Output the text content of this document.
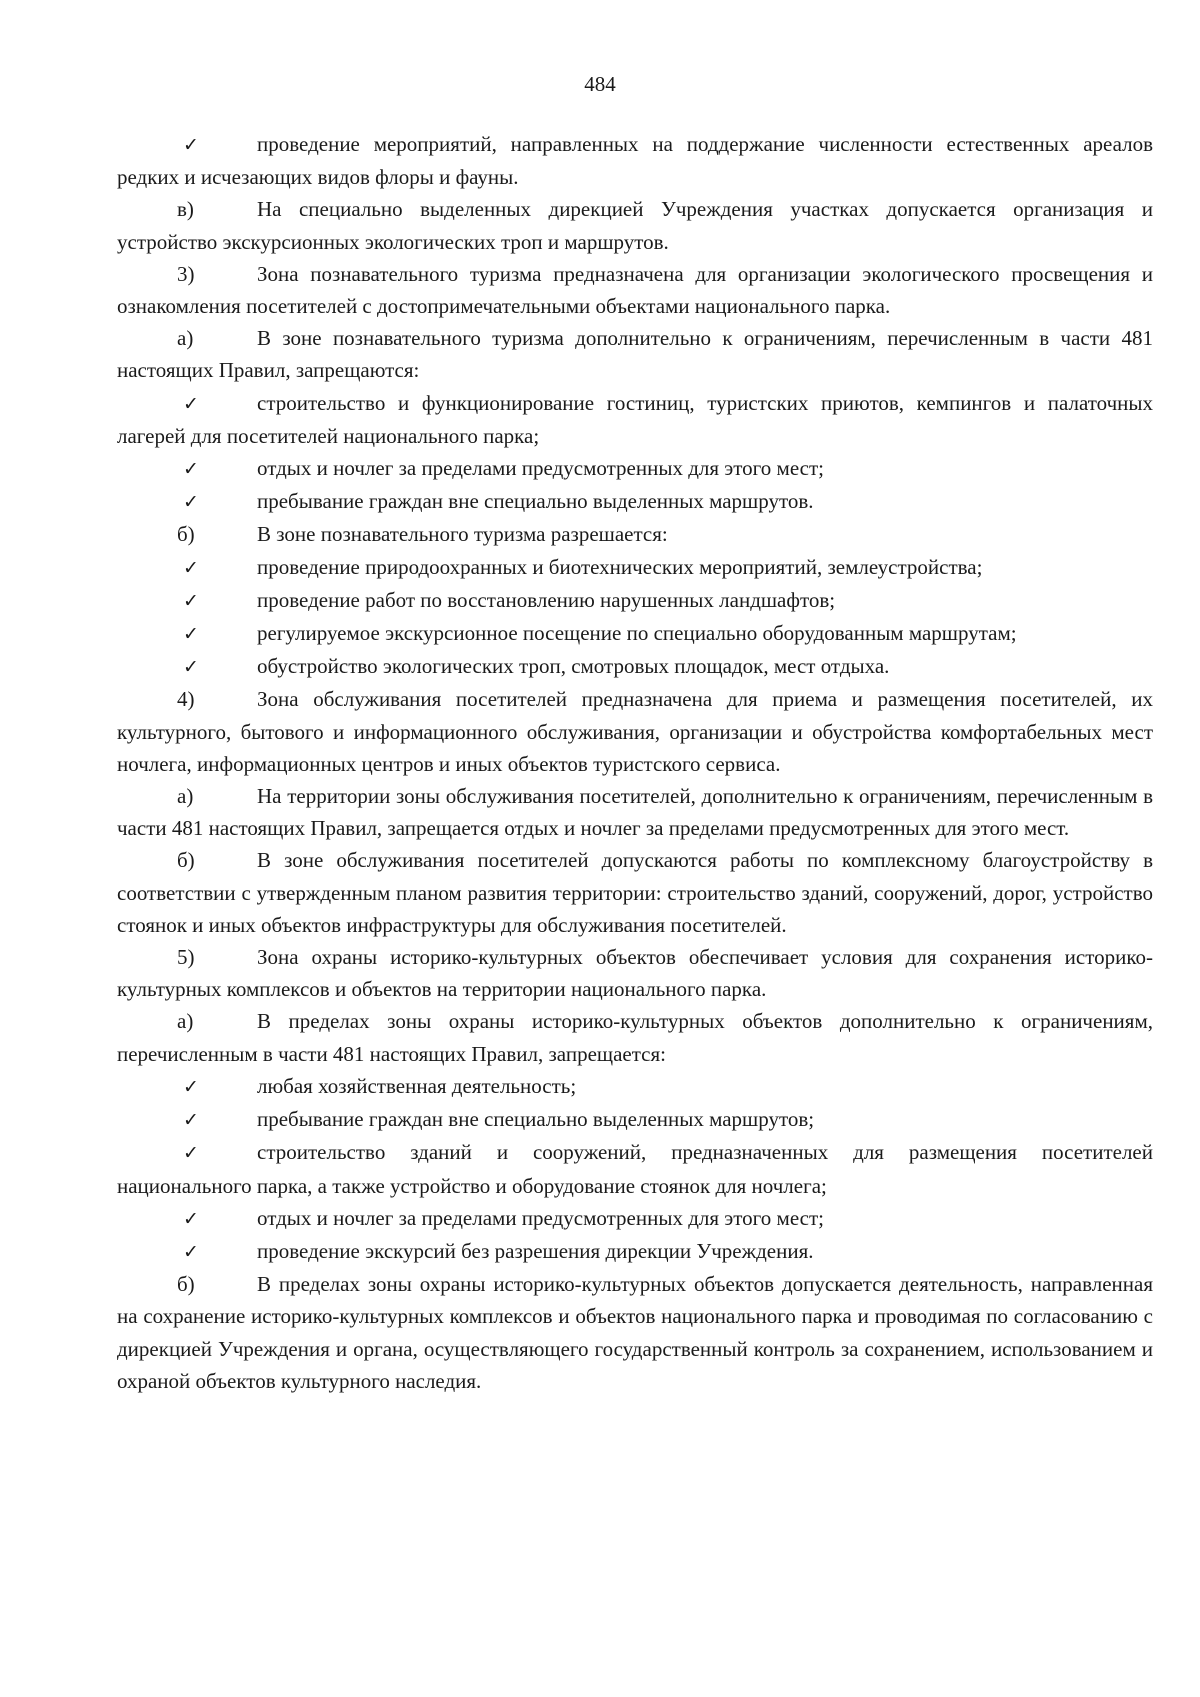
484

✓	проведение мероприятий, направленных на поддержание численности естественных ареалов редких и исчезающих видов флоры и фауны.

в)	На специально выделенных дирекцией Учреждения участках допускается организация и устройство экскурсионных экологических троп и маршрутов.

3)	Зона познавательного туризма предназначена для организации экологического просвещения и ознакомления посетителей с достопримечательными объектами национального парка.

а)	В зоне познавательного туризма дополнительно к ограничениям, перечисленным в части 481 настоящих Правил, запрещаются:

✓	строительство и функционирование гостиниц, туристских приютов, кемпингов и палаточных лагерей для посетителей национального парка;

✓	отдых и ночлег за пределами предусмотренных для этого мест;

✓	пребывание граждан вне специально выделенных маршрутов.

б)	В зоне познавательного туризма разрешается:

✓	проведение природоохранных и биотехнических мероприятий, землеустройства;

✓	проведение работ по восстановлению нарушенных ландшафтов;

✓	регулируемое экскурсионное посещение по специально оборудованным маршрутам;

✓	обустройство экологических троп, смотровых площадок, мест отдыха.

4)	Зона обслуживания посетителей предназначена для приема и размещения посетителей, их культурного, бытового и информационного обслуживания, организации и обустройства комфортабельных мест ночлега, информационных центров и иных объектов туристского сервиса.

а)	На территории зоны обслуживания посетителей, дополнительно к ограничениям, перечисленным в части 481 настоящих Правил, запрещается отдых и ночлег за пределами предусмотренных для этого мест.

б)	В зоне обслуживания посетителей допускаются работы по комплексному благоустройству в соответствии с утвержденным планом развития территории: строительство зданий, сооружений, дорог, устройство стоянок и иных объектов инфраструктуры для обслуживания посетителей.

5)	Зона охраны историко-культурных объектов обеспечивает условия для сохранения историко-культурных комплексов и объектов на территории национального парка.

а)	В пределах зоны охраны историко-культурных объектов дополнительно к ограничениям, перечисленным в части 481 настоящих Правил, запрещается:

✓	любая хозяйственная деятельность;

✓	пребывание граждан вне специально выделенных маршрутов;

✓	строительство зданий и сооружений, предназначенных для размещения посетителей национального парка, а также устройство и оборудование стоянок для ночлега;

✓	отдых и ночлег за пределами предусмотренных для этого мест;

✓	проведение экскурсий без разрешения дирекции Учреждения.

б)	В пределах зоны охраны историко-культурных объектов допускается деятельность, направленная на сохранение историко-культурных комплексов и объектов национального парка и проводимая по согласованию с дирекцией Учреждения и органа, осуществляющего государственный контроль за сохранением, использованием и охраной объектов культурного наследия.
